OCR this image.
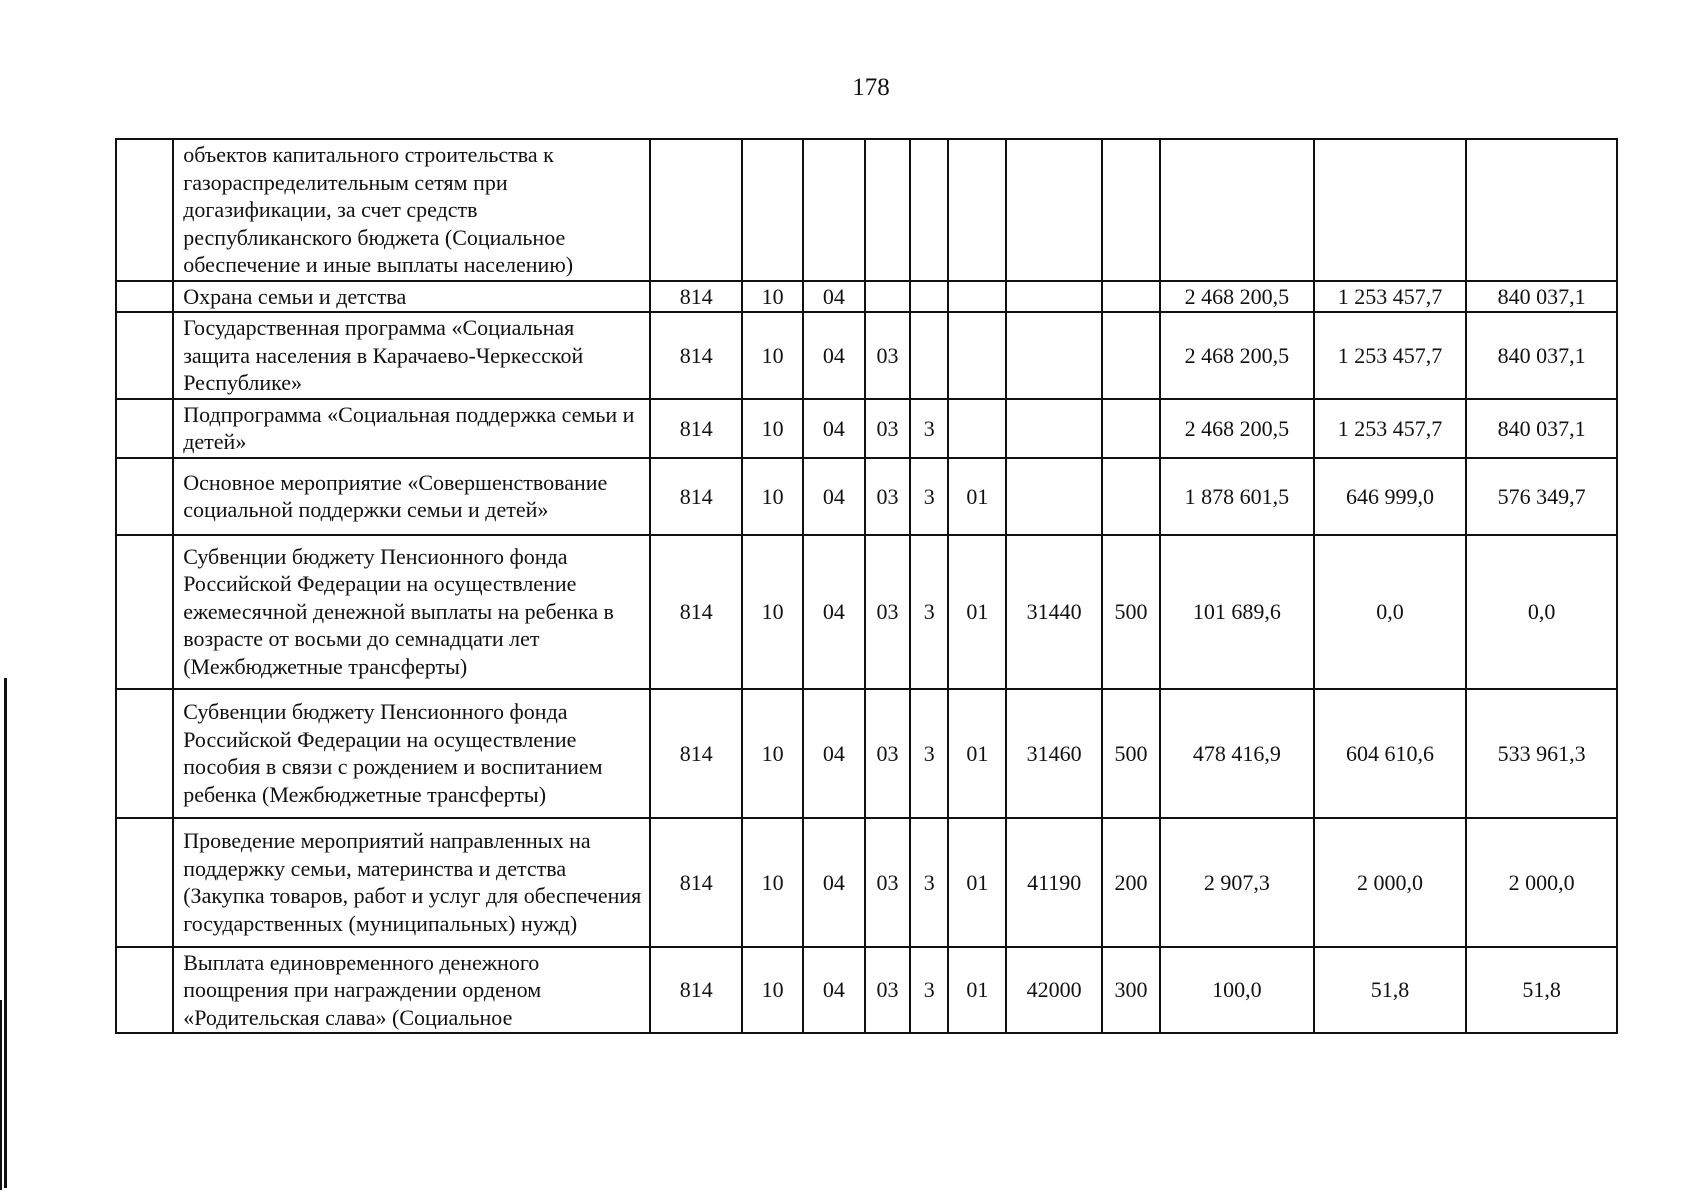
178
	объектов капитального строительства к газораспределительным сетям при догазификации, за счет средств республиканского бюджета (Социальное обеспечение и иные выплаты населению)											
	Охрана семьи и детства	814	10	04						2 468 200,5	1 253 457,7	840 037,1
	Государственная программа «Социальная защита населения в Карачаево-Черкесской Республике»	814	10	04	03					2 468 200,5	1 253 457,7	840 037,1
	Подпрограмма «Социальная поддержка семьи и детей»	814	10	04	03	3				2 468 200,5	1 253 457,7	840 037,1
	Основное мероприятие «Совершенствование социальной поддержки семьи и детей»	814	10	04	03	3	01			1 878 601,5	646 999,0	576 349,7
	Субвенции бюджету Пенсионного фонда Российской Федерации на осуществление ежемесячной денежной выплаты на ребенка в возрасте от восьми до семнадцати лет (Межбюджетные трансферты)	814	10	04	03	3	01	31440	500	101 689,6	0,0	0,0
	Субвенции бюджету Пенсионного фонда Российской Федерации на осуществление пособия в связи с рождением и воспитанием ребенка (Межбюджетные трансферты)	814	10	04	03	3	01	31460	500	478 416,9	604 610,6	533 961,3
	Проведение мероприятий направленных на поддержку семьи, материнства и детства (Закупка товаров, работ и услуг для обеспечения государственных (муниципальных) нужд)	814	10	04	03	3	01	41190	200	2 907,3	2 000,0	2 000,0
	Выплата единовременного денежного поощрения при награждении орденом «Родительская слава» (Социальное	814	10	04	03	3	01	42000	300	100,0	51,8	51,8
